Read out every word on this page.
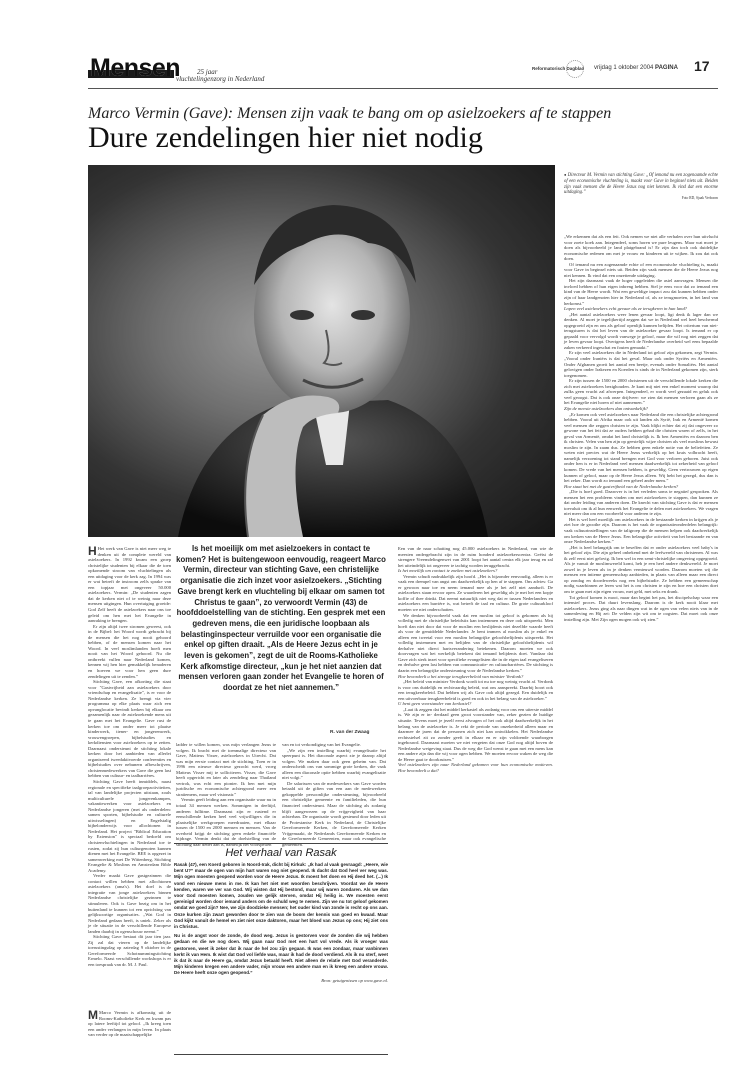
Mensen 25 jaar
vluchtelingenzorg in Nederland
Reformatorisch Dagblad vrijdag 1 oktober 2004 PAGINA 17
Marco Vermin (Gave): Mensen zijn vaak te bang om op asielzoekers af te stappen
Dure zendelingen hier niet nodig
● Directeur M. Vermin van stichting Gave: „Of iemand nu een zogenaamde echte of een economische vluchteling is, maakt voor Gave in beginsel niets uit. Beiden zijn vaak mensen die de Heere Jezus nog niet kennen. Ik vind dat een enorme uitdaging.”
Foto RD, Sjaak Verboom
Is het moeilijk om met asielzoekers in contact te komen? Het is buitengewoon eenvoudig, reageert Marco Vermin, directeur van stichting Gave, een christelijke organisatie die zich inzet voor asielzoekers. „Stichting Gave brengt kerk en vluchteling bij elkaar om samen tot Christus te gaan”, zo verwoordt Vermin (43) de hoofddoelstelling van de stichting. Een gesprek met een gedreven mens, die een juridische loopbaan als belastinginspecteur verruilde voor een organisatie die enkel op giften draait. „Als de Heere Jezus echt in je leven is gekomen”, zegt de uit de Rooms-Katholieke Kerk afkomstige directeur, „kun je het niet aanzien dat mensen verloren gaan zonder het Evangelie te horen of doordat ze het niet aannemen.”
R. van der Zwaag

H Het werk van Gave is niet meer weg te denken uit de complete wereld van asielzoekers. In 1992 kwam een groep christelijke studenten bij elkaar die de toen opkomende stroom van vluchtelingen als een uitdaging voor de kerk zag. In 1994 was er wat betreft de instroom zelfs sprake van een topjaar met ongeveer 50.000 asielzoekers. Vermin: „De studenten zagen dat de kerken niet of te weinig naar deze mensen uitgingen. Hun overtuiging groeide: God Zelf heeft de asielzoekers naar ons toe geleid om hen met het Evangelie in aanraking te brengen.

Er zijn altijd twee stromen geweest, ook in de Bijbel: het Woord wordt gebracht bij de mensen die het nog nooit gehoord hebben, of de mensen komen naar het Woord. In veel moslimlanden hoeft men nooit van het Woord gehoord. Nu die ontbreekt vullen naar Nederland komen, kennen wij hen hier gemakkelijk benaderen en hoeven we voor hen geen dure zendelingen uit te zenden.”

Stichting Gave, een afkorting die staat voor "Gastvrijheid aan asielzoekers door vriendschap en evangelisatie", is er voor de Nederlandse kerken. Ze brengt via vier programma op elke plaats waar zich een opvanglocatie bevindt kerken bij elkaar om gezamenlijk naar de asielzoekende mens uit te gaan met het Evangelie. Gave rust de kerken toe om onder meer tot plaatse kinderwerk, tiener- en jongerenwerk, vrouwengroepen, bijbelstudies en kerkdiensten voor asielzoekers op te zetten. Daarnaast ondersteunt de stichting lokale kerken door het aanbieden van allerlei organiseerd tweedaktivoerde conferenties en bijbelstudies over nebunern afbeschrijven, christenmedewerkers van Gave die geen last hebben van cultuur- en taalbarrières.

Stichting Gave heeft inmiddels, naast regionale en specifieke taalgroepactiviteiten, tal van landelijke projecten uitstaan, zoals multiculturele jongerenkampen, vakantiewerken voor asielzoekers en Nederlandse jongeren (met als onderdelen: samen sporten, bijbelstudie en culturele uitwisselingen) en Engelstalig bijbelonderwijs voor allochtonen in Nederland. Het project "Biblical Education by Extension" is speciaal bedoeld om christenvluchtelingen in Nederland toe te rusten, zodat zij hun culturgenoten kunnen dienen met het Evangelie. BEE is opgezet in samenwerking met De Wittenberg, Stichting Evangelie & Moslims en Amsterdam Bible Academy.

Verder maakt Gave gastgezinnen die contact willen hebben met allochtonen asielzoekers (ama's). Het doel is de integratie van jonge asielzoekers binnen Nederlandse christelijke gezinnen te stimuleren. Ook is Gave bezig om in het buitenland te kunnen tot een oprichting van gelijksoortige organisaties. „Wat God in Nederland gedaan heeft, is uniek. Zeker als je de situatie in de verschillende Europese landen daarbij in ogenschouw neemt.”

Stichting Gave bestaat dit jaar tien jaar. Zij zal dat vieren op de landelijke toerustingsdag op zaterdag 9 oktober in de Gereformeerde Schotnummingstichting Ermelo. Naast verschillende workshops is er een toespraak van dr. M. J. Paul.

M Marco Vermin is afkomstig uit de Rooms-Katholieke Kerk en kwam pas op latere leeftijd tot geloof. „Ik kreeg toen een ander verlangen in mijn leven. In plaats van verder op de maatschappelijke

ladder te willen komen, was mijn verlangen Jezus te volgen. Ik bracht met de toenmalige directeur van Gave, Matteus Visser, asielzoekers in Utrecht. Dat was mijn eerste contact met de stichting. Toen er in 1996 een nieuwe directeur gezocht werd, vroeg Matteus Visser mij te solliciteren. Visser, die Gave heeft opgericht en later als zendeling naar Thailand vertrok, was echt een pionier. Ik ben met mijn juridische en economische achtergrond meer een stratiemens, maar wel visionair.”

Vermin geeft leiding aan een organisatie waar nu in totaal 34 mensen werken. Sommigen in deeltijd, anderen fulltime. Daarnaast zijn er rustend er eenschillende kerken heel veel vrijwilligers die in plaatselijke werkgroepen meedraaien, met elkaar tussen de 1500 en 2000 mensen en mensen. Van de overheid krijgt de stichting geen enkele financiële bijdrage. Vermin denkt dat de doelstelling van de stichting daar debet aan is, namelijk het voorspellen

van en tot verkondiging van het Evangelie.

„We zijn een instelling waarbij evangelisatie het speerpunt is. Het diaconale aspect zie je daarop altijd volgen. We maken daar ook geen geheim van. Dat onderscheidt ons van sommige grote kerken, die vaak alleen een diaconale optie hebben waarbij evangelisatie niet volgt.”

De salarissen van de medewerkers van Gave worden betaald uit de giften van een aan de medewerkers gekoppelde persoonlijke ondersteuning, bijvoorbeeld een christelijke gemeente en familieleden, die hun financieel ondersteunt. Maar de stichting als zodanig blijft aangewezen op de vrijgevigheid van haar achterban. De organisatie wordt gesteund door leden uit de Protestantse Kerk in Nederland, de Christelijke Gereformeerde Kerken, de Gereformeerde Kerken Vrijgemaakt, de Nederlands Gereformeerde Kerken en de Gereformeerde Gemeenten, maar ook evangelische gemeenten.

Het verhaal van Rasak
Rasak (47), een Koerd geboren in Noord-Irak, dicht bij Kirkuk: „Ik had al vaak gevraagd: „Heere, wie bent U?” maar de ogen van mijn hart waren nog niet geopend. Ik dacht dat God heel ver weg was. Mijn ogen moesten geopend worden voor de Heere Jezus. Ik moest het doen en Hij deed het. (...) Ik vond een nieuwe mens in me. Ik kan het niet met woorden beschrijven. Voordat we de Heere kenden, waren we ver van God. Wij wisten dat Hij bestond, maar wij waren zondaren. Als we dan voor God moesten komen, zouden we gelijk sterven, omdat Hij heilig is. We moesten eerst gereinigd worden door iemand anders om de schuld weg te nemen. Zijn we nu tot geloof gekomen omdat we goed zijn? Nee, we zijn doodzieke mensen; het ouder kind van zonde is recht op ons aan. Onze kurken zijn zwart geworden door te zien van de boom der kennis van goed en kwaad. Maar God kijkt vanuit de hemel en ziet niet onze daktoren, maar het bloed van Jezus op ons; Hij ziet ons in Christus.
Nu is de angst voor de zonde, de dood weg. Jezus is gestorven voor de zonden die wij hebben gedaan en die we nog doen. Wij gaan naar God met een hart vol vrede. Als ik vroeger was gestorven, weet ik zeker dat ik naar de hel zou zijn gegaan. Ik was een zondaar, maar vanbinnen kerkt ik van Hem. Ik wist dat God vol liefde was, maar ik had de dood verdiend. Als ik nu sterf, weet ik dat ik naar de Heere ga, omdat Jezus betaald heeft. Niet alleen de relatie met God veranderde. Mijn kinderen kregen een andere vader, mijn vrouw een andere man en ik kreeg een andere vrouw. De Heere heeft onze ogen geopend.”
Bron: getuigenissen op www.gave.nl.

Een van de naar schatting nog 45.000 asielzoekers in Nederland, van wie de meesten ondergebracht zijn in de ruim honderd asielzoekerscentra. Geëist de strengere Vreemdelingenwet van 2001 loopt het aantal centra elk jaar terug en zal het uiteindelijk tot ongeveer te tachtig worden teruggebracht.

Is het moeilijk om contact te zoeken met asielzoekers?

Vermin schudt nadrukkelijk zijn hoofd. „Het is bijzonder eenvoudig, alleen is er vaak een drempel van angst om daadwerkelijk op hen af te stappen. Ons advies: Ga er gewoon naar toe en neem iemand mee als je het zelf niet aandurft. De asielzoekers staan ervoor open. Ze waarderen het geweldig als je met het een kopje koffie of thee drinkt. Dat neemt natuurlijk niet weg dat er tussen Nederlanders en asielzoekers een barrière is, wat betreft de taal en cultuur. De grote cultuurkloof moeten we niet onderschatten.

We denken bijvoorbeeld vaak dat een moslim tot geloof is gekomen als hij volledig met de christelijke beleidstix kan instemmen en deze ook uitspreekt. Men hoeft dan niet door dat voor de moslim een beslijdenis niet dezelfde waarde heeft als voor de gemiddelde Nederlander. Je bent immers al moslim als je enkel en alleen een tweetal voor een moslim belangrijke geloofsbelijdenis uitspreekt. Het volledig instemmen met en belijden van de christelijke geloofsbelijdenis wil derhalve niet direct hartsverandering betekenen. Daarom moeten we ook doorvragen wat het werkelijk betekent dat iemand belijdenis doet. Vandaar dat Gave zich sterk inzet voor specifieke evangelisten die in de eigen taal evangeliseren en derhalve geen last hebben van communicatie- en cultuurbarrières. De stichting is daarin een belangrijke ondersteuning voor de Nederlandse kerken.”

Hoe beoordeelt u het strenge terugkeerbeleid van minister Verdonk?

„Het beleid van minister Verdonk wordt tot nu toe nog weinig vrucht af. Verdonk is voor ons duidelijk en rechtvaardig beleid, wat ons aanspreekt. Daarbij hoort ook een terugkeerbeleid. Dat hebben wij als Gave ook altijd gezegd. Een duidelijk en een uitvoerbaar terugkeerbeleid is goed en ook in het belang van de asielzoeker.”

U bent geen voorstander van kerkasiel?

„Laat ik zeggen dat het middel kerkasiel als zodanig voor ons een uiterste middel is. We zijn er in- derdaad geen groot voorstander van, zeker gezien de huidige situatie. Tevens moet je jezelf eerst afvragen of het ook altijd daadwerkelijk in het belang van de asielzoeker is. Je rekt de periode van onzekerheid alleen maar en daarmee de jaren dat de personen zich niet kan ontwikkelen. Het Nederlandse rechtsstelsel zit zo zonder geeft in elkaar en er zijn voldoende waarborgen ingebouwd. Daarnaast moeten we niet vergeten dat onze God nog altijd boven de Nederlandse wetgeving staat. Dus de weg die God wenst te gaan met een mens kan een andere zijn dan die wij voor ogen hebben. We moeten ervoor waken de weg die de Heere gaat te doorkruisen.”

Veel asielzoekers zijn naar Nederland gekomen voor hun economische motieven. Hoe beoordeelt u dat?

„We erkennen dat als een feit. Ook nemen we niet alle verhalen over hun uitvlucht voor zoete koek aan. Integendeel, soms horen we pure leugens. Maar wat moet je doen als bijvoorbeeld je land platgebrand is! Er zijn dan toch ook duidelijke economische redenen om met je vrouw en kinderen uit te wijken. Ik zou dat ook doen.

Of iemand nu een zogenaamde echte of een economische vluchteling is, maakt voor Gave in beginsel niets uit. Beiden zijn vaak mensen die de Heere Jezus nog niet kennen. Ik vind dat een onzettende uitdaging.

Het zijn daarnaast vaak de hoger opgeleiden die asiel aanvragen. Mensen die invloed hebben of hun eigen inbreng hebben. Stel je eens voor dat zo iemand een kind van de Heere wordt. Wat een geweldige impact zou dat kunnen hebben onder zijn of haar landgenoten hier in Nederland of, als ze terugmoeten, in het land van herkomst.”

Lopen veel asielzoekers echt gevaar als ze terugkeren in hun land?

„Het aantal asielzoekers weer lenen gevaar loopt, ligt denk ik lager dan we denken. Al moet je tegelijkertijd zeggen dat we in Nederland wel heel beschermd opgegroeid zijn en ons als geloof openlijk kunnen belijden. Het criterium van niet-terugsturen is dat het leven van de asielzoeker gevaar loopt. Is iemand er op gepaald voor vervolgd wordt vanwege je geloof, maar die wil nog niet zeggen dat je leven gevaar loopt. Overigens heeft de Nederlandse overheid wel eens bepaalde zaken verkeerd ingeschat en fouten gemaakt.”

Er zijn veel asielzoekers die in Nederland tot geloof zijn gekomen, zegt Vermin. „Vooral onder Iraniërs is dat het geval. Maar ook onder Syriërs en Armeniërs. Onder Afghanen groeit het aantal een beetje, evenals onder Somaliërs. Het aantal gelovigen onder Irakezen en Koerden is sinds de in Nederland gekomen zijn, sterk toegenomen.

Er zijn tussen de 1500 en 2000 christenen uit de verschillende lokale kerken die zich met asielzoekers bezighouden. Je kunt mij niet een enkel moment waarop dat zulks geen vrucht zal afwerpen. Integendeel, er wordt veel gezaaid en geluk ook veel geoogst. Dat is ook onze drijfveer: we zien dat mensen verloren gaan als ze het Evangelie niet horen of niet aannemen.”

Zijn de meeste asielzoekers dan ontvankelijk?

„Er komen ook veel asielzoekers naar Nederland die een christelijke achtergrond hebben. Vooral uit Afrika maar ook uit landen als Syrië, Irak en Armenië komen veel mensen die zeggen christen te zijn. Vaak blijkt echter dat zij dat ongeveer zo gewone van het feit dat ze ouders hebben gehad die christen waren of zelfs, in het geval van Armenië, omdat het land christelijk is. Ik ben Armeniërs en daarom ben ik christen. Velen van hen zijn op geestelijk wijze christen als veel moslims bewust moslim te zijn. In zaam dus. Ze hebben geen enkele notie van de beliefeiten. Ze weten niet precies wat de Heere Jezus werkelijk op het kruis volbracht heeft, namelijk verzoening tot stand brengen met God voor verloren geboren. Juist ook onder hen is er in Nederland veel mensen daadwerkelijk tot zekerheid van geloof komen. De vrede van het mensen hebben, is geweldig. Geen vertrouwen op eigen kunnen of geloof, maar op de Heere Jezus alleen. Wij hebt het gezegd, dus dan is het zeker. Dan wordt zo iemand een geheel ander mens.”

Hoe staat het met de gastvrijheid van de Nederlandse kerken?

„Die is hoef goed. Daarover is in het verleden soms te negatief gesproken. Als mensen het een probleem vinden om met asielzoekers te stappen, dan kunnen ze dat onder leiding van anderen doen. De knecht van stichting Gave is dat er mensen toevaluit om ik al hun eenwerk het Evangelie te delen met asielzoekers. We vragen niet meer dan om een voorbeeld voor anderen te zijn.

Het is wel heel moeilijk om asielzoekers in de bestaande kerken in krijgen als je ziet hoe de groothe zijn. Daarom is het vaak de organisatieonderdelen belangrijk: vaak cultuurinstellingen van de taligroep die de mensen helpen ook daadwerkelijk om kerken van de Heere Jezus. Een belangrijke activiteit van het bestaande en van onze Nederlandse kerken.”

„Het is heel belangrijk om te beseffen dat er onder asielzoekers veel baby's in het geloof zijn. Die zijn geheel onbekend met de leefwereld van christenen. Al was ik zelf eerst niet gelovig. Ik ben wel in een semi-christelijke omgeving opgegroeid. Als je vanuit de moslimwereld komt, heb je een heel andere denkwereld. Je moet zowel in je leven als in je denken vernieuwd worden. Daarom moeten wij die mensen een intieme gemeenschap aanbieden, in plaats van alleen maar een direct op zondag en doordeweeks nog een bijbelstudie. Ze hebben een gemeenschap nodig waarbinnen ze leren wat het is om christen te zijn en hoe een christen doet om te gaan met zijn eigen vrouw, met geld, met seks en drank.

Tot geloof komen is mooi, maar dan begint het pas, het discipelschap waar een intensief proces. Dat duurt levenslang. Daarom is de kerk nooit klaar met asielzoekers. Jezus ging als naar dingen wat in de ogen van velen niets van in de samenleving en Hij zei: De velden zijn wit om te oogsten. Dat moet ook onze instelling zijn. Met Zijn ogen mogen ook wij zien.”
